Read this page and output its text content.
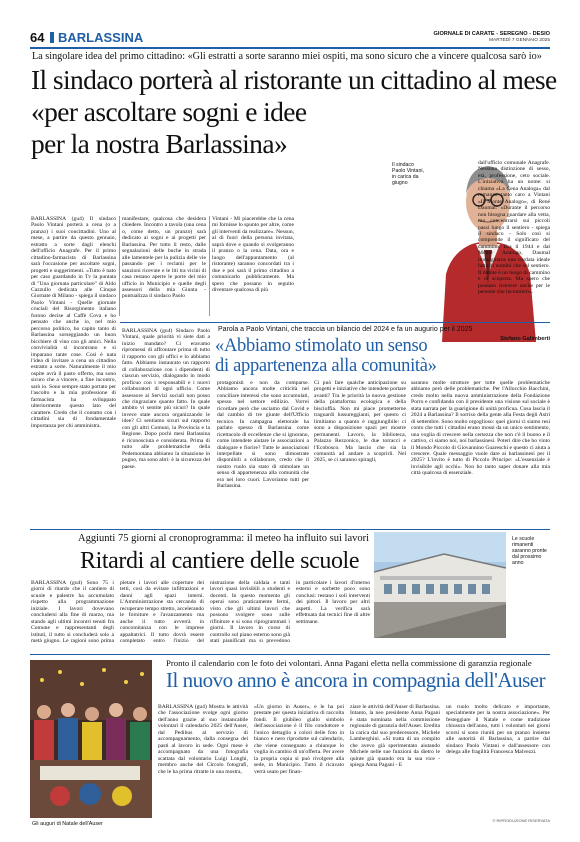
64 BARLASSINA	GIORNALE DI CARATE - SEREGNO - DESIO
MARTEDÌ 7 GENNAIO 2025
La singolare idea del primo cittadino: «Gli estratti a sorte saranno miei ospiti, ma sono sicuro che a vincere qualcosa sarò io»
Il sindaco porterà al ristorante un cittadino al mese
«per ascoltare sogni e idee
per la nostra Barlassina»
Il sindaco Paolo Vintani, in carica da giugno
BARLASSINA (gu4) Il sindaco Paolo Vintani porterà a cena (o a pranzo) i suoi concittadini. Uno al mese, a partire da questo gennaio, estratto a sorte dagli elenchi dell'ufficio Anagrafe. Per il primo cittadino-farmacista di Barlassina sarà l'occasione per ascoltare sogni, progetti e suggerimenti. «Tutto è nato per caso guardando in Tv la puntata di "Una giornata particolare" di Aldo Cazzullo dedicata alle Cinque Giornate di Milano - spiega il sindaco Paolo Vintani - Quelle giornate cruciali del Risorgimento italiano furono decise al Caffè Cova e ho pensato che anche io, nel mio percorso politico, ho capito tanto di Barlassina sorseggiando un buon bicchiere di vino con gli amici. Nella convivialità si incontrano e si imparano tante cose. Così è nata l'idea di invitare a cena un cittadino estratto a sorte. Naturalmente il mio ospite avrà il pasto offerto, ma sono sicuro che a vincere, a fine incontro, sarò io. Sono sempre stato portato per l'ascolto e la mia professione di farmacista ha sviluppato ulteriormente questo lato del carattere. Credo che il contatto con i cittadini sia di fondamentale importanza per chi amministra.
manifestare, qualcosa che desidera chiedere. Incontro a tavola (una cena o, come detto, un pranzo) sarà dedicato ai sogni e ai progetti per Barlassina. Per tutto il resto, dalle segnalazioni delle buche in strada alle lamentele per la pulizia delle vie passando per i reclami per le sanzioni ricevute e le liti tra vicini di casa restano aperte le porte del mio ufficio in Municipio e quelle degli assessori della mia Giunta - puntualizza il sindaco Paolo
Vintani - Mi piacerebbe che la cena mi fornisse lo spunto per altre, come gli interventi da realizzare». Nessun, al di fuori della persona invitata, saprà dove e quando si svolgeranno il pranzo o la cena. Data, ora e luogo dell'appuntamento (al ristorante) saranno concordati tra i due e poi sarà il primo cittadino a comunicarlo pubblicamente. Ma spero che possano in seguito diventare qualcosa di più
dall'ufficio comunale Anagrafe. Nessuna distinzione di sesso, età, professione, ceto sociale. L'iniziativa ha un nome: si chiama «La Cena Analoga» dal romanzo tanto caro a Vintani «Il Monte Analogo», di René Daumal: «Durante il percorso non bisogna guardare alla vetta, ma concentrarsi sui piccoli passi lungo il sentiero - spiega il sindaco - Solo così si comprende il significato del cammino. Era il 1944 e dal Monte Analogo, Daumal immaginava una cordata ideale fatta di uomini che sul sentiero. Il monte è un luogo di cammino e di scoperta. Ma spero che possano ricevere anche per le persone che incontrerò».
Stefano Galimberti
Parola a Paolo Vintani, che traccia un bilancio del 2024 e fa un augurio per il 2025
«Abbiamo stimolato un senso
di appartenenza alla comunità»
BARLASSINA (gu4) Sindaco Paolo Vintani, quale priorità vi siete dati a inizio mandato? Ci eravamo ripromessi di affrontare prima di tutto il rapporto con gli uffici e lo abbiamo fatto. Abbiamo instaurato un rapporto di collaborazione con i dipendenti di ciascun servizio, dialogando in modo proficuo con i responsabili e i nuovi collaboratori di ogni ufficio. Come assessore ai Servizi sociali non posso che ringraziare quanto fatto. In quale ambito vi sentite più sicuri? In quale invece state ancora organizzando le idee? Ci sentiamo sicuri sul rapporto con gli altri Comuni, la Provincia e la Regione. Dopo pochi mesi Barlassina è riconosciuta e considerata. Prima di tutto alle problematiche della Pedemontana abbiamo la situazione in pugno, ma sono altri: è la sicurezza del paese.
protagonisti e non da comparse. Abbiamo ancora molte criticità nel conciliare interessi che sono accumulati, spesso nel settore edilizio. Vorrei ricordare però che usciamo dal Covid e dal cambio di tre giunte dell'Ufficio tecnico. In campagna elettorale ha parlato spesso di Barlassina come ricettacolo di eccellenze che si ignorano, come intendete aiutare le associazioni a dialogare e fiorire? Tutte le associazioni interpellate si sono dimostrate disponibili a collaborare, credo che il nostro ruolo sia stato di stimolare un senso di appartenenza alla comunità che era nei loro cuori. Lavoriamo tutti per Barlassina.
Ci può fare qualche anticipazione su progetti e iniziative che intendete portare avanti? Tra le priorità la nuova gestione della piattaforma ecologica e della biscioffia. Non mi piace prometterne traguardi lussureggianti, per questo ci limitiamo a quanto è raggiungibile: ci sono a disposizione spazi per mostre permanenti. Lavoro, la biblioteca, Palazzo Rezzonico, le due torracci e l'Ecobosco. Ma lascio che sia la comunità ad andare a scoprirli. Nel 2025, se ci saranno spiragli,
saranno molte strutture per tutte quelle problematiche abbiamo però delle problematiche. Per l'Allocchio Bacchini, credo molto nella nuova amministrazione della Fondazione Porro e confidando con il presidente una visione sul sociale è stata narrata per la guarigione di unità proficua. Cosa lascia il 2024 a Barlassina? Il sorriso della gente alla Festa degli Astri di settembre. Sono molto orgoglioso: quei giorni ci siamo resi conto che tutti i cittadini erano mossi da un unico sentimento, una voglia di crescere nella certezza che non c'è il buono e il cattivo, ci siamo noi, noi barlassinesi. Poteri dire che ho vinto il Mondo Piccolo di Giovannino Guareschi e questo ci aiuta a crescere. Quale messaggio vuole dare ai barlassinesi per il 2025? L'invito è tutto di Piccolo Principe: «L'essenziale è invisibile agli occhi». Non ho tanto saper donare alla mia città qualcosa di essenziale.
Aggiunti 75 giorni al cronoprogramma: il meteo ha influito sui lavori
Ritardi al cantiere delle scuole
Le scuole rimanenti saranno pronte dal prossimo anno
BARLASSINA (gu4) Sono 75 i giorni di ritardo che il cantiere di scuole e palestre ha accumulato rispetto alla programmazione iniziale. I lavori dovevano concludersi alla fine di marzo, ma stando agli ultimi incontri tenuti fra Comune e rappresentanti degli istituti, il tutto si concluderà solo a metà giugno. Le ragioni sono prima
pletare i lavori alle coperture dei tetti, così da evitare infiltrazioni e danni agli spazi interni. L'Amministrazione sta cercando di recuperare tempo stretto, accelerando le forniture e l'avanzamento ma anche il tutto avverrà in concomitanza con le imprese appaltatrici. Il tutto dovrà essere completato entro l'inizio del
nistrazione della caldaia e tanti lavori quasi invisibili a studenti e docenti. In questo momento gli operai sono praticamente fermi, visto che gli ultimi lavori che possono svolgere sono sulle rifiniture e si sono riprogrammati i giorni. Il lavoro in corso di controllo sul piano esterno sono già stati pianificati ma si prevedono
in particolare i lavori d'interno esterni e sorbette poco sono conclusi: restano i soli interventi dei pittori. Il lavoro per altri aspetti. La verifica sarà effettuata dai tecnici fine di altre settimane.
Gli auguri di Natale dell'Auser
Pronto il calendario con le foto dei volontari. Anna Pagani eletta nella commissione di garanzia regionale
Il nuovo anno è ancora in compagnia dell'Auser
BARLASSINA (gu4) Mostra le attività che l'associazione svolge ogni giorno dell'anno grazie al suo instancabile volontari il calendario 2025 dell'Auser, dal Pedibus al servizio di accompagnamento, dalla consegna dei pasti al lavoro in sede. Ogni mese è accompagnato da una fotografia scattata dal volontario Luigi Longhi, membro anche del Circolo fotografi, che le ha prima ritratte in una mostra,
«Un giorno in Auser», e le ha poi prestate per questa iniziativa di raccolta fondi. Il giubileo giallo simbolo dell'associazione è il filo conduttore e l'unico dettaglio a colori delle foto in bianco e nero riprodotte sul calendario, che viene consegnato a chiunque lo voglia in cambio di un'offerta. Per avere la propria copia si può rivolgere alla sede, in Municipio. Tutto il ricavato verrà usato per finan-
ziare le attività dell'Auser di Barlassina. Intanto, la neo presidente Anna Pagani è stata nominata nella commissione regionale di garanzia dell'Auser. Eredita la carica dal suo predecessore, Michele Lamberghini. «Si tratta di un compito che avevo già sperimentato aiutando Michele nelle sue funzioni da dietro le quinte già quando era la sua vice - spiega Anna Pagani - E
un ruolo molto delicato e importante, specialmente per la nostra associazione». Per festeggiare il Natale e come tradizione chiusura dell'anno, tutti i volontari nei giorni scorsi si sono riuniti per un pranzo insieme alle autorità di Barlassina, a partire dal sindaco Paolo Vintani e dall'assessore con delega alle fragilità Francesca Malvezzi.
© RIPRODUZIONE RISERVATA
